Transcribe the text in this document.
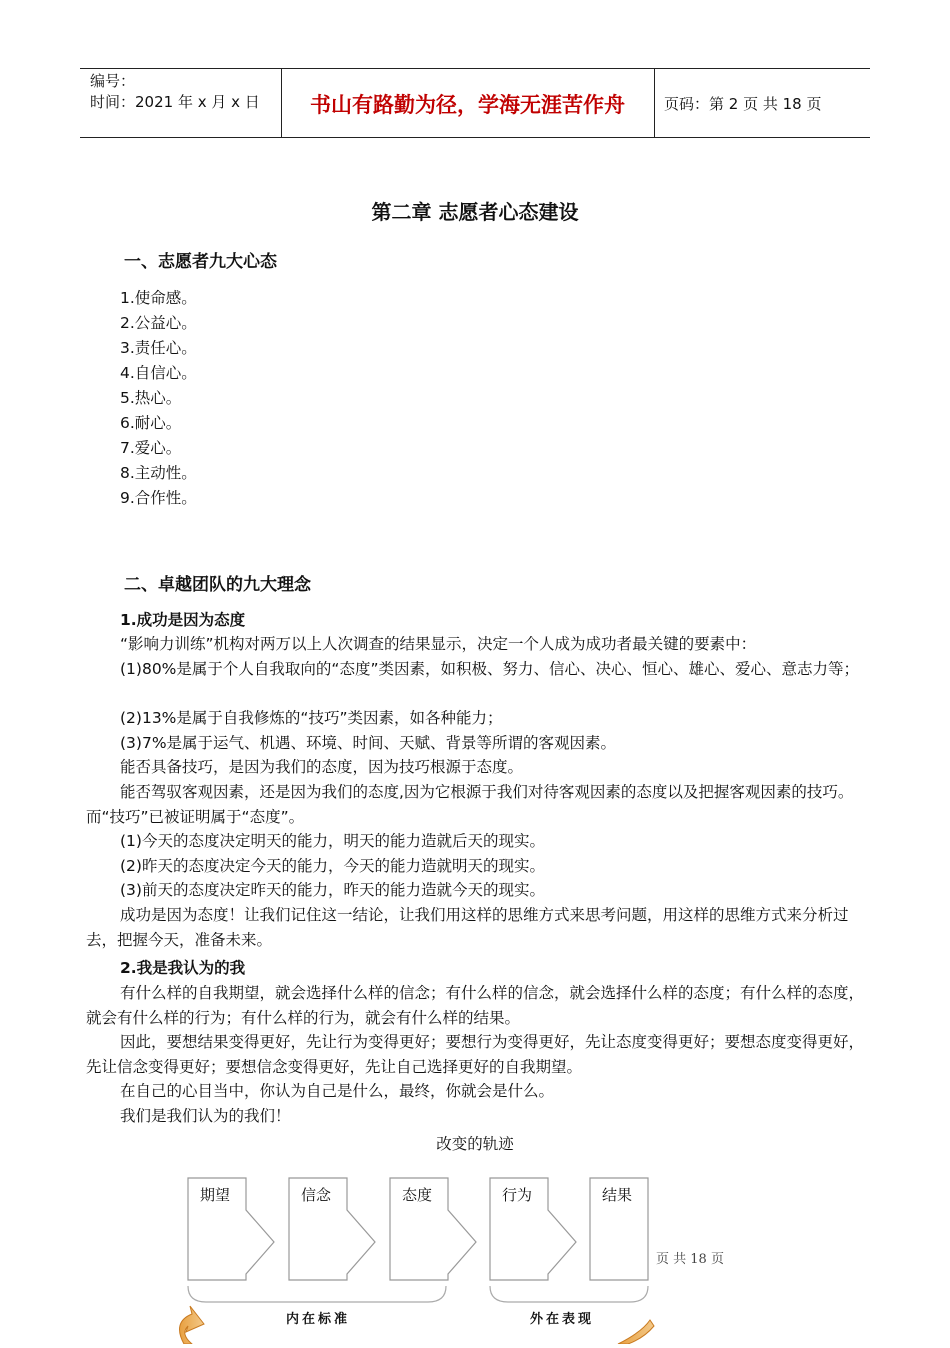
编号：
时间：2021 年 x 月 x 日	书山有路勤为径，学海无涯苦作舟	页码：第 2 页 共 18 页
第二章 志愿者心态建设
一、志愿者九大心态
1.使命感。
2.公益心。
3.责任心。
4.自信心。
5.热心。
6.耐心。
7.爱心。
8.主动性。
9.合作性。
二、卓越团队的九大理念
1.成功是因为态度

“影响力训练”机构对两万以上人次调查的结果显示，决定一个人成为成功者最关键的要素中：

(1)80%是属于个人自我取向的“态度”类因素，如积极、努力、信心、决心、恒心、雄心、爱心、意志力等；

(2)13%是属于自我修炼的“技巧”类因素，如各种能力；

(3)7%是属于运气、机遇、环境、时间、天赋、背景等所谓的客观因素。

能否具备技巧，是因为我们的态度，因为技巧根源于态度。

能否驾驭客观因素，还是因为我们的态度,因为它根源于我们对待客观因素的态度以及把握客观因素的技巧。而“技巧”已被证明属于“态度”。

(1)今天的态度决定明天的能力，明天的能力造就后天的现实。

(2)昨天的态度决定今天的能力，今天的能力造就明天的现实。

(3)前天的态度决定昨天的能力，昨天的能力造就今天的现实。

成功是因为态度！让我们记住这一结论，让我们用这样的思维方式来思考问题，用这样的思维方式来分析过去，把握今天，准备未来。

2.我是我认为的我

有什么样的自我期望，就会选择什么样的信念；有什么样的信念，就会选择什么样的态度；有什么样的态度，就会有什么样的行为；有什么样的行为，就会有什么样的结果。

因此，要想结果变得更好，先让行为变得更好；要想行为变得更好，先让态度变得更好；要想态度变得更好，先让信念变得更好；要想信念变得更好，先让自己选择更好的自我期望。

在自己的心目当中，你认为自己是什么，最终，你就会是什么。

我们是我们认为的我们！

改变的轨迹
期望	信念	态度	行为	结果
内在标准	外在表现
页 共 18 页
